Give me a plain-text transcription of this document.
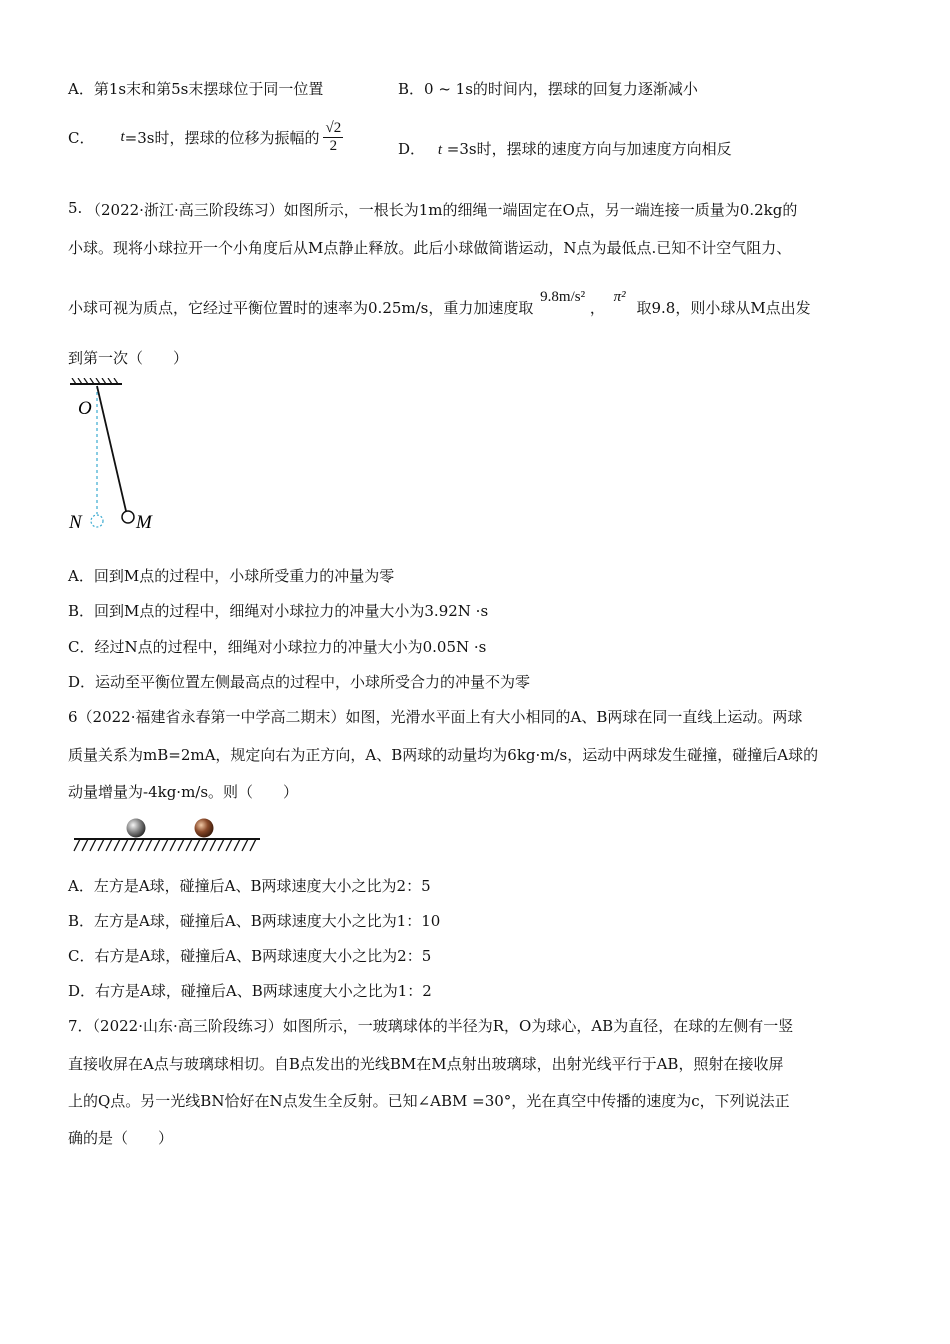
A．第1s末和第5s末摆球位于同一位置	B．0 ~ 1s的时间内，摆球的回复力逐渐减小
C． t =3s时，摆球的位移为振幅的 $\frac{√2}{2}$	D． t =3s时，摆球的速度方向与加速度方向相反
5. （2022·浙江·高三阶段练习）如图所示，一根长为1m的细绳一端固定在O点，另一端连接一质量为0.2kg的
小球。现将小球拉开一个小角度后从M点静止释放。此后小球做简谐运动，N点为最低点.已知不计空气阻力、
小球可视为质点，它经过平衡位置时的速率为0.25m/s，重力加速度取 9.8m/s² ， π² 取9.8，则小球从M点出发
到第一次（　　）
O
N	M
A．回到M点的过程中，小球所受重力的冲量为零
B．回到M点的过程中，细绳对小球拉力的冲量大小为3.92N ·s
C．经过N点的过程中，细绳对小球拉力的冲量大小为0.05N ·s
D．运动至平衡位置左侧最高点的过程中，小球所受合力的冲量不为零
6（2022·福建省永春第一中学高二期末）如图，光滑水平面上有大小相同的A、B两球在同一直线上运动。两球
质量关系为mB=2mA，规定向右为正方向，A、B两球的动量均为6kg·m/s，运动中两球发生碰撞，碰撞后A球的
动量增量为-4kg·m/s。则（　　）
A．左方是A球，碰撞后A、B两球速度大小之比为2：5
B．左方是A球，碰撞后A、B两球速度大小之比为1：10
C．右方是A球，碰撞后A、B两球速度大小之比为2：5
D．右方是A球，碰撞后A、B两球速度大小之比为1：2
7．（2022·山东·高三阶段练习）如图所示，一玻璃球体的半径为R，O为球心，AB为直径，在球的左侧有一竖
直接收屏在A点与玻璃球相切。自B点发出的光线BM在M点射出玻璃球，出射光线平行于AB，照射在接收屏
上的Q点。另一光线BN恰好在N点发生全反射。已知∠ABM =30°，光在真空中传播的速度为c，下列说法正
确的是（　　）
